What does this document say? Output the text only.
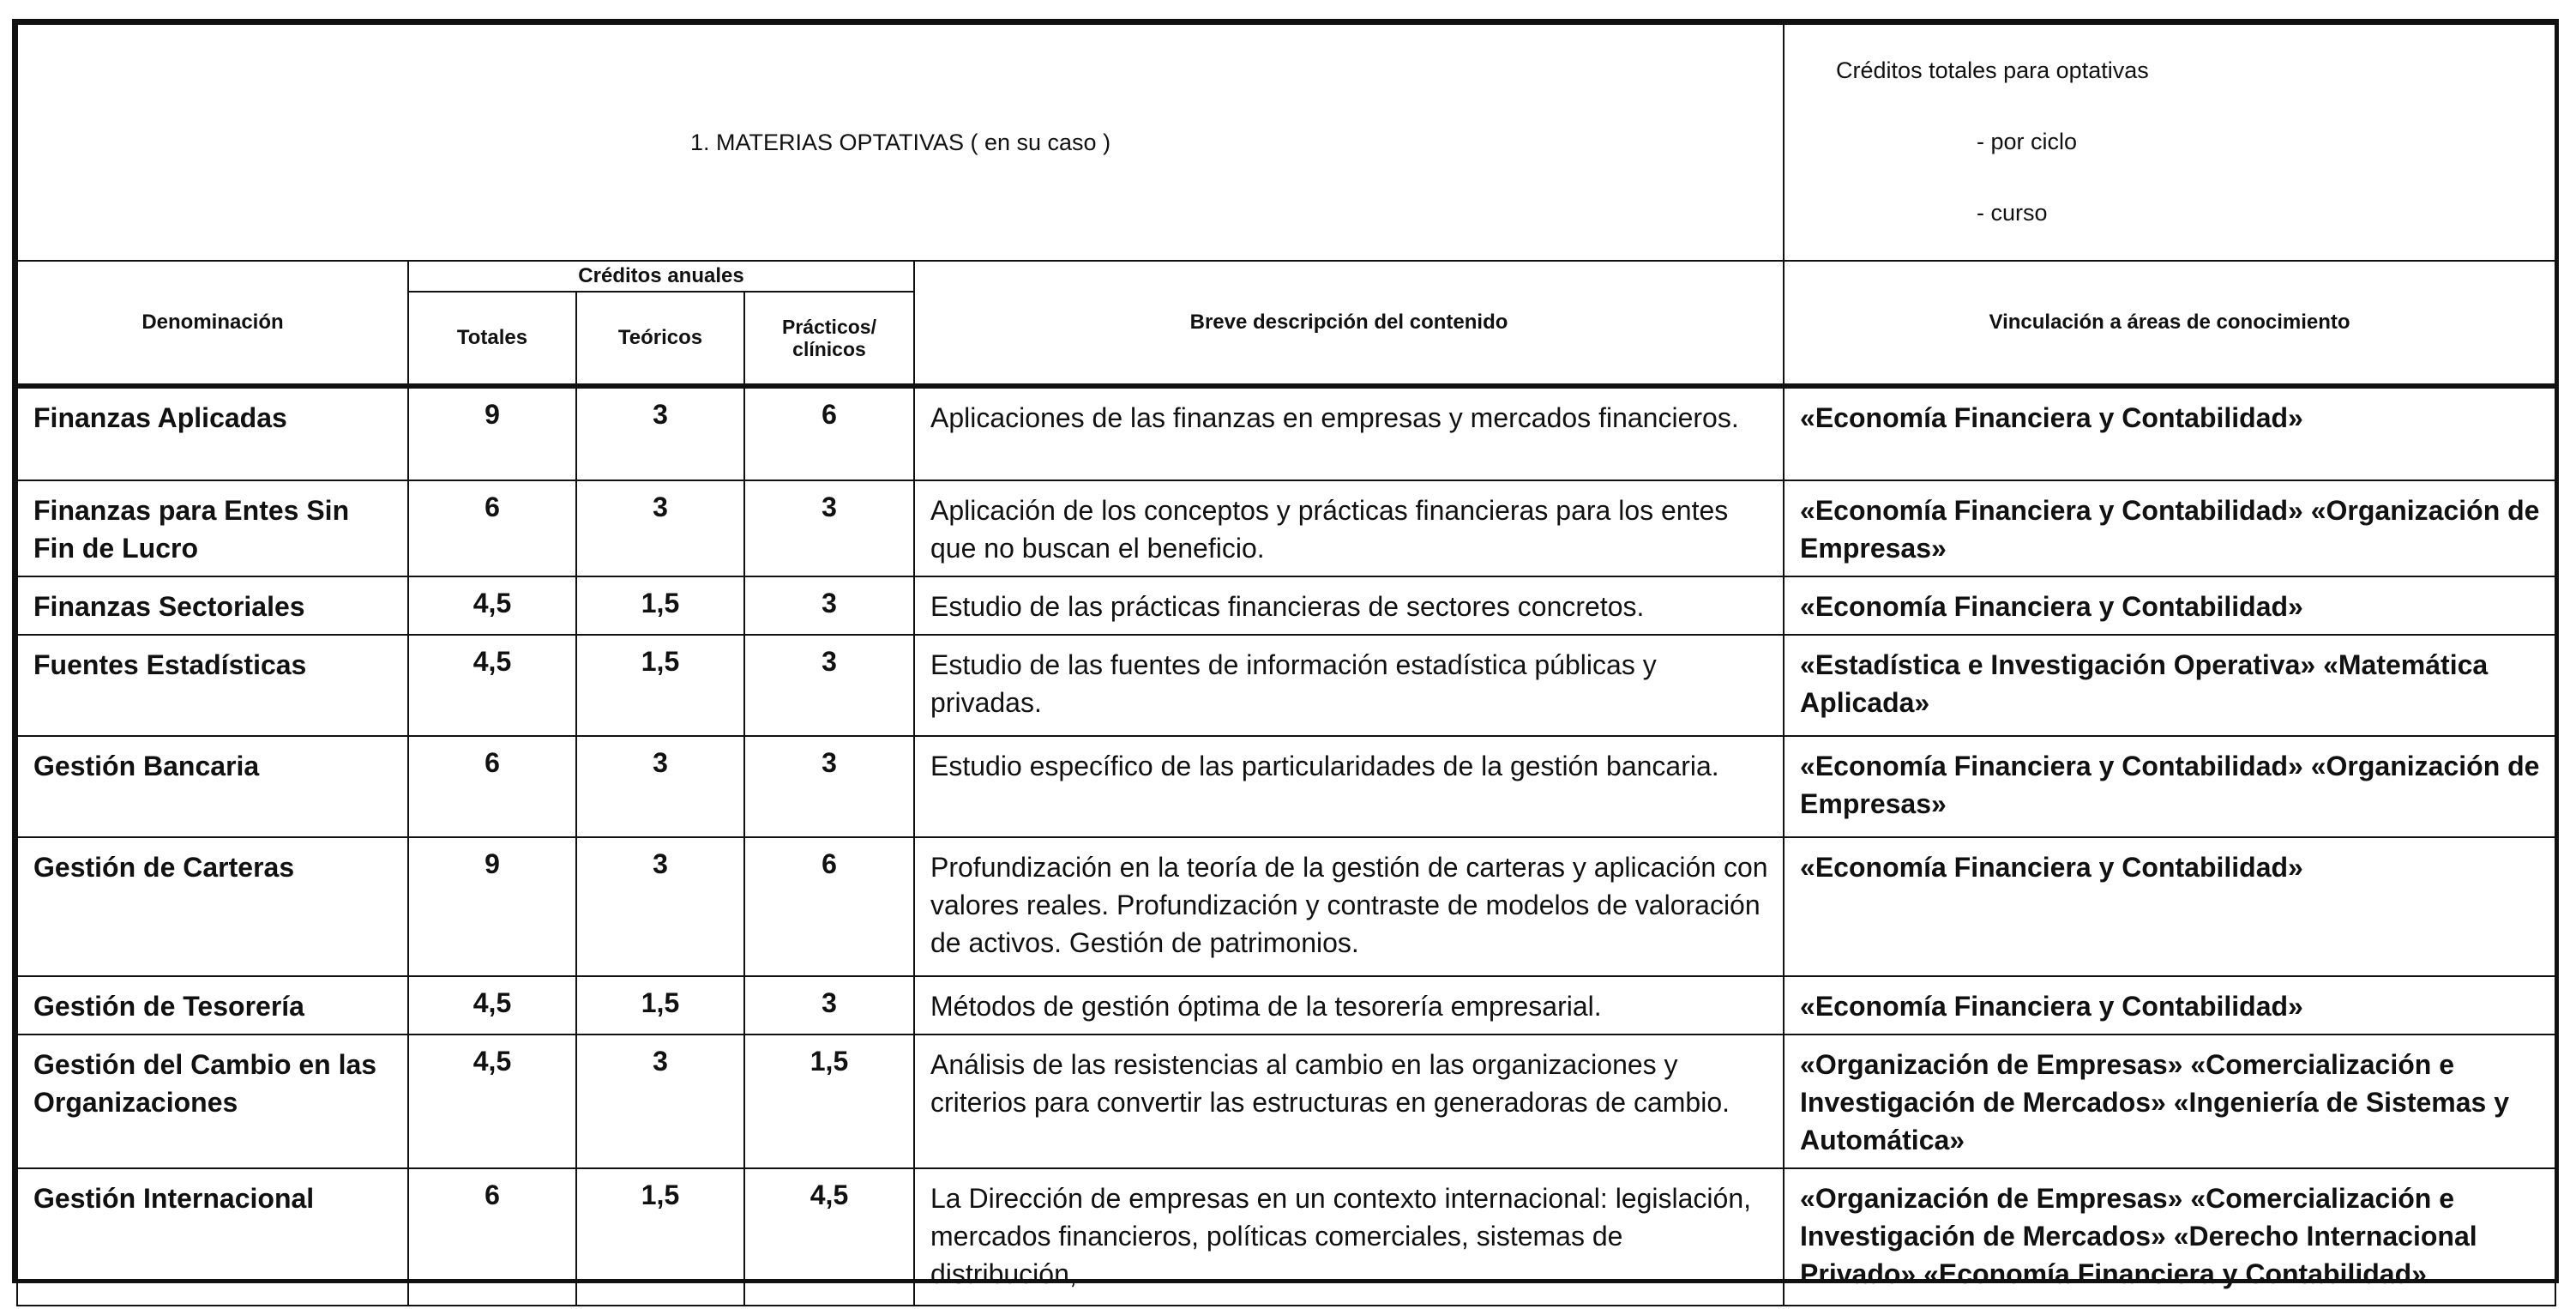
1. MATERIAS OPTATIVAS ( en su caso )					Créditos totales para optativas
- por ciclo
- curso

Denominación	Créditos anuales			Breve descripción del contenido	Vinculación a áreas de conocimiento
	Totales	Teóricos	Prácticos/
clínicos		
Finanzas Aplicadas	9	3	6	Aplicaciones de las finanzas en empresas y mercados financieros.	«Economía Financiera y Contabilidad»
Finanzas para Entes Sin Fin de Lucro	6	3	3	Aplicación de los conceptos y prácticas financieras para los entes que no buscan el beneficio.	«Economía Financiera y Contabilidad» «Organización de Empresas»
Finanzas Sectoriales	4,5	1,5	3	Estudio de las prácticas financieras de sectores concretos.	«Economía Financiera y Contabilidad»
Fuentes Estadísticas	4,5	1,5	3	Estudio de las fuentes de información estadística públicas y privadas.	«Estadística e Investigación Operativa» «Matemática Aplicada»
Gestión Bancaria	6	3	3	Estudio específico de las particularidades de la gestión bancaria.	«Economía Financiera y Contabilidad» «Organización de Empresas»
Gestión de Carteras	9	3	6	Profundización en la teoría de la gestión de carteras y aplicación con valores reales. Profundización y contraste de modelos de valoración de activos. Gestión de patrimonios.	«Economía Financiera y Contabilidad»
Gestión de Tesorería	4,5	1,5	3	Métodos de gestión óptima de la tesorería empresarial.	«Economía Financiera y Contabilidad»
Gestión del Cambio en las Organizaciones	4,5	3	1,5	Análisis de las resistencias al cambio en las organizaciones y criterios para convertir las estructuras en generadoras de cambio.	«Organización de Empresas» «Comercialización e Investigación de Mercados» «Ingeniería de Sistemas y Automática»
Gestión Internacional	6	1,5	4,5	La Dirección de empresas en un contexto internacional: legislación, mercados financieros, políticas comerciales, sistemas de distribución, ...	«Organización de Empresas» «Comercialización e Investigación de Mercados» «Derecho Internacional Privado» «Economía Financiera y Contabilidad»
